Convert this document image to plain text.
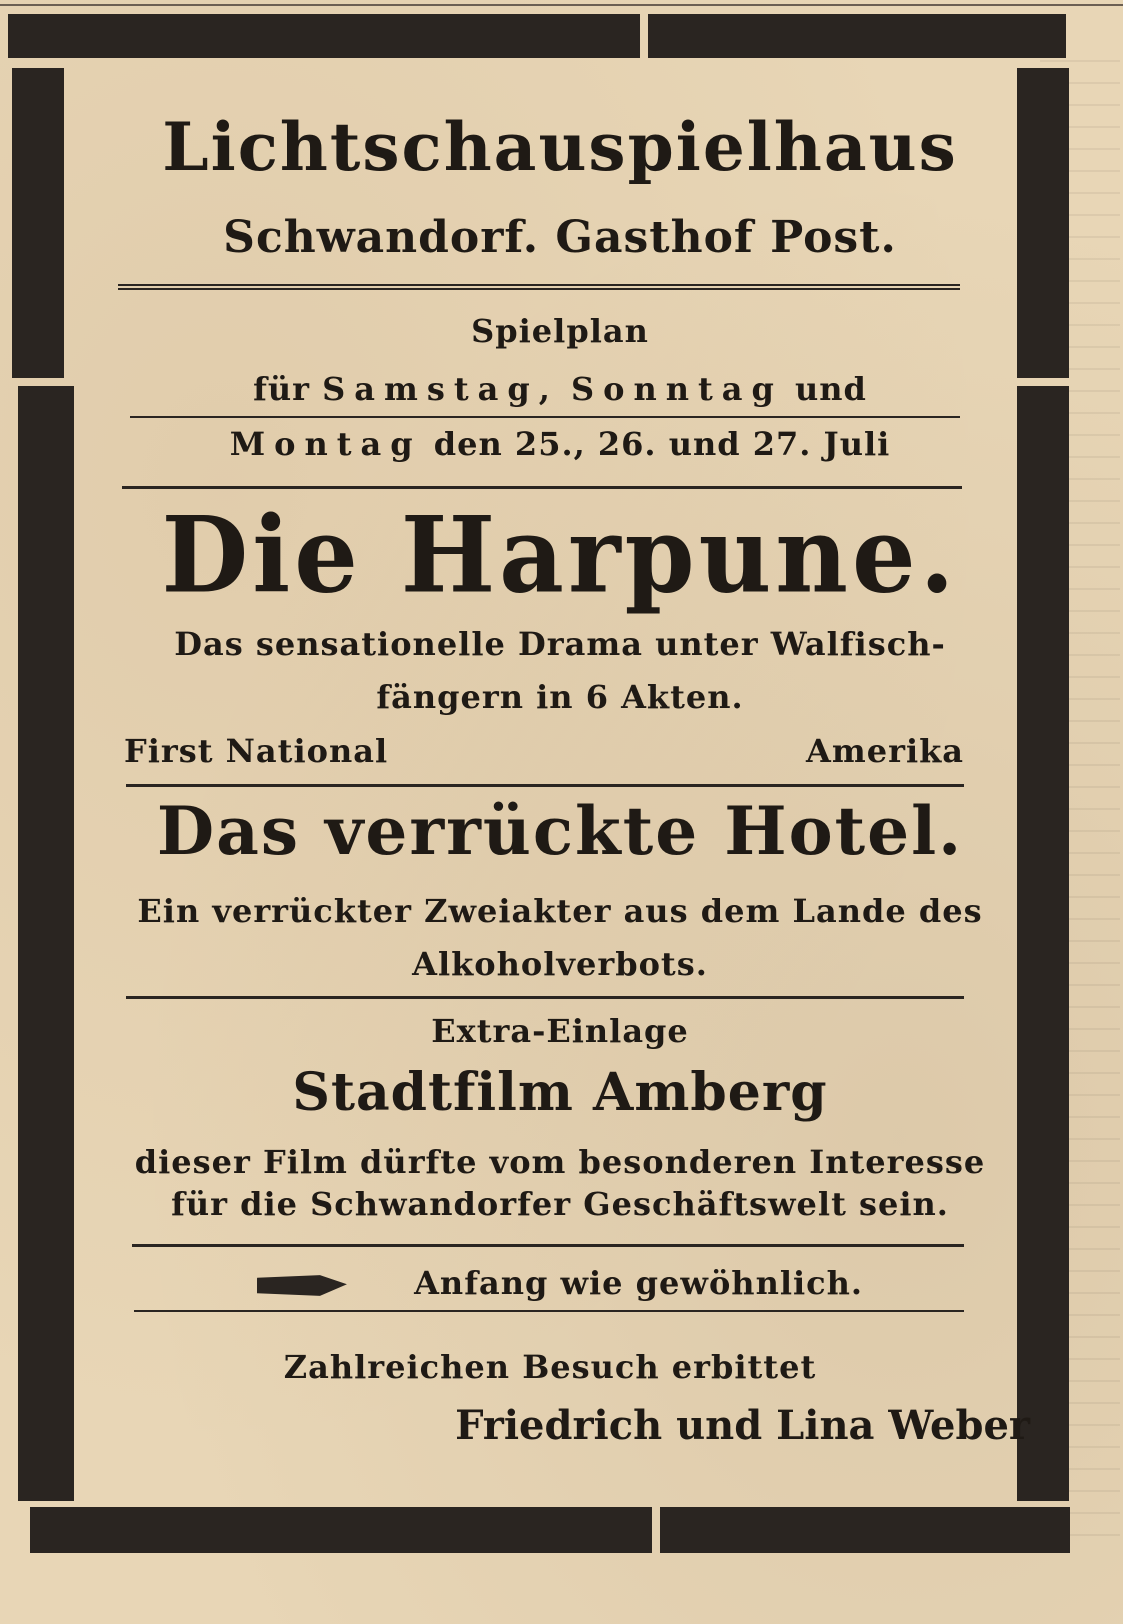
Lichtschauspielhaus
Schwandorf. Gasthof Post.
Spielplan
für Samstag, Sonntag und
Montag den 25., 26. und 27. Juli
Die Harpune.
Das sensationelle Drama unter Walfisch-
fängern in 6 Akten.
First National	Amerika
Das verrückte Hotel.
Ein verrückter Zweiakter aus dem Lande des
Alkoholverbots.
Extra-Einlage
Stadtfilm Amberg
dieser Film dürfte vom besonderen Interesse
für die Schwandorfer Geschäftswelt sein.
Anfang wie gewöhnlich.
Zahlreichen Besuch erbittet
Friedrich und Lina Weber
